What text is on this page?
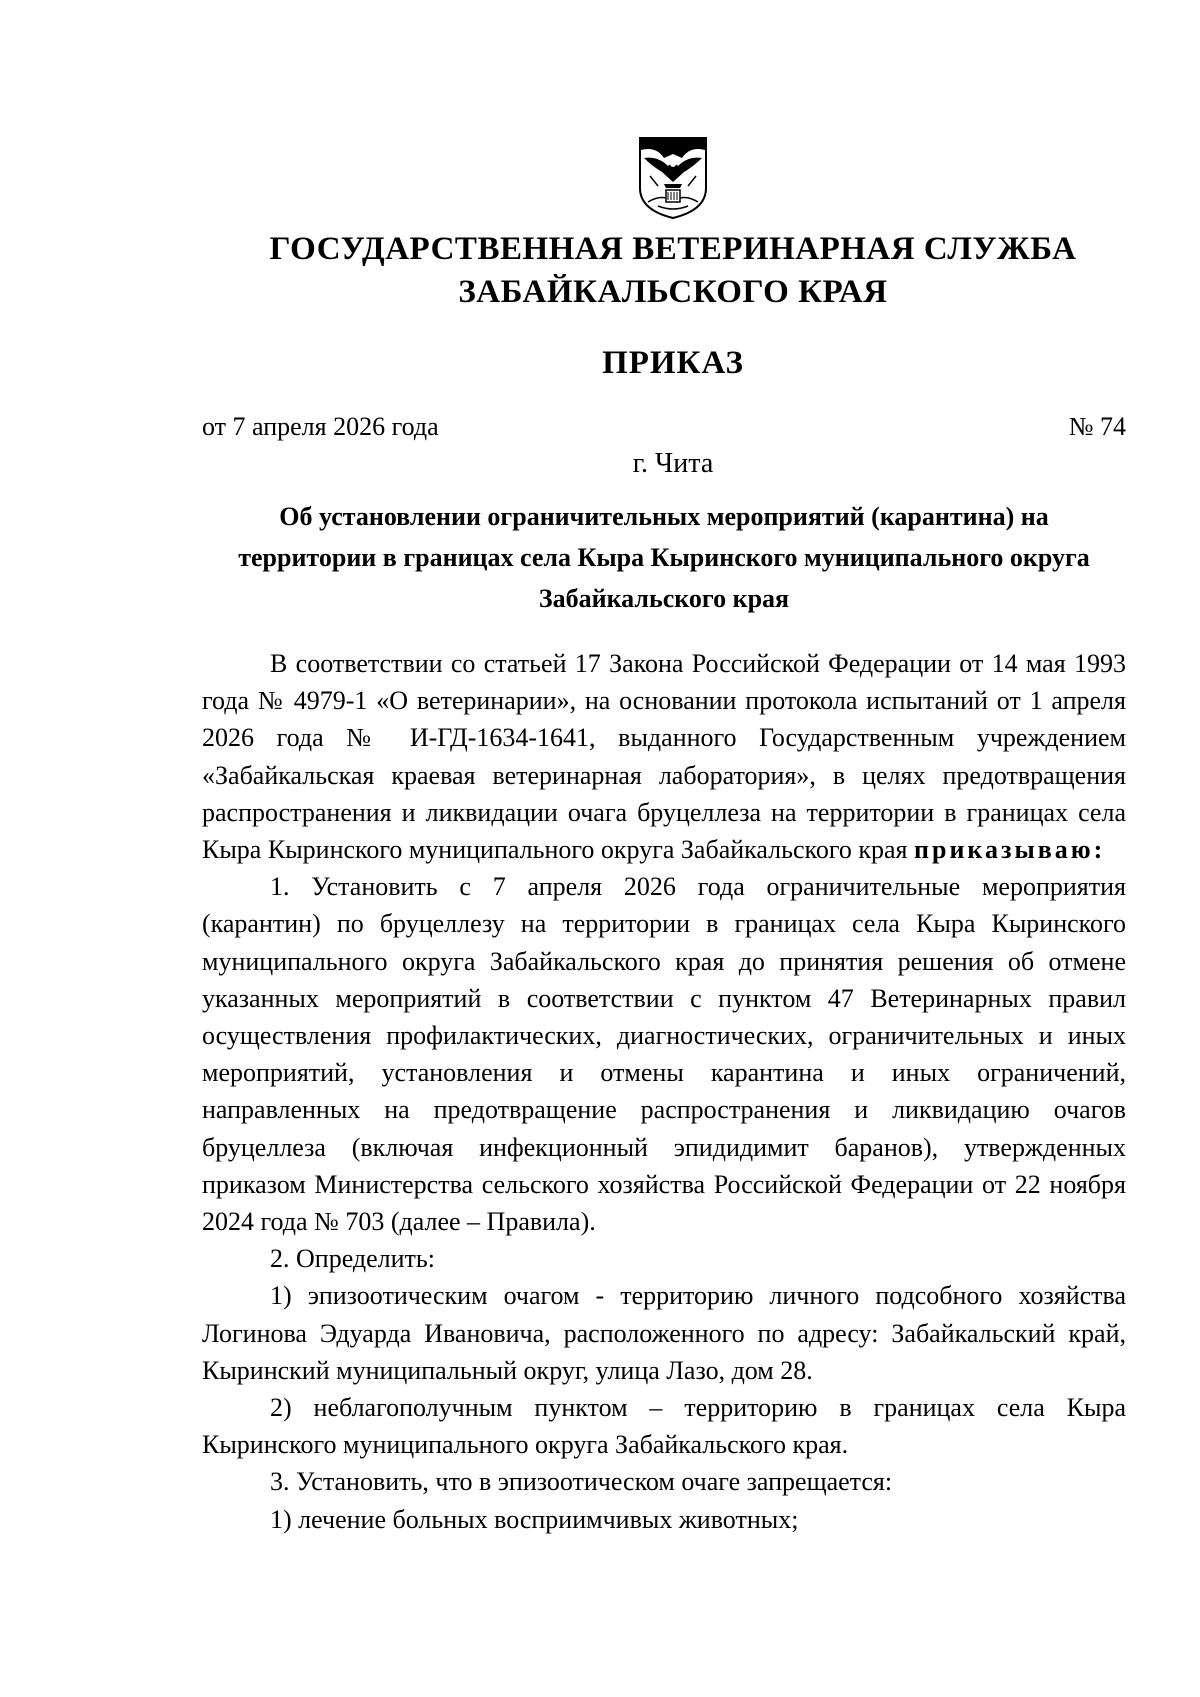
ГОСУДАРСТВЕННАЯ ВЕТЕРИНАРНАЯ СЛУЖБА
ЗАБАЙКАЛЬСКОГО КРАЯ
ПРИКАЗ
от 7 апреля 2026 года	№ 74
г. Чита
Об установлении ограничительных мероприятий (карантина) на
территории в границах села Кыра Кыринского муниципального округа
Забайкальского края

В соответствии со статьей 17 Закона Российской Федерации от 14 мая 1993 года № 4979-1 «О ветеринарии», на основании протокола испытаний от 1 апреля 2026 года № И-ГД-1634-1641, выданного Государственным учреждением «Забайкальская краевая ветеринарная лаборатория», в целях предотвращения распространения и ликвидации очага бруцеллеза на территории в границах села Кыра Кыринского муниципального округа Забайкальского края приказываю:

1. Установить с 7 апреля 2026 года ограничительные мероприятия (карантин) по бруцеллезу на территории в границах села Кыра Кыринского муниципального округа Забайкальского края до принятия решения об отмене указанных мероприятий в соответствии с пунктом 47 Ветеринарных правил осуществления профилактических, диагностических, ограничительных и иных мероприятий, установления и отмены карантина и иных ограничений, направленных на предотвращение распространения и ликвидацию очагов бруцеллеза (включая инфекционный эпидидимит баранов), утвержденных приказом Министерства сельского хозяйства Российской Федерации от 22 ноября 2024 года № 703 (далее – Правила).

2. Определить:

1) эпизоотическим очагом - территорию личного подсобного хозяйства Логинова Эдуарда Ивановича, расположенного по адресу: Забайкальский край, Кыринский муниципальный округ, улица Лазо, дом 28.

2) неблагополучным пунктом – территорию в границах села Кыра Кыринского муниципального округа Забайкальского края.

3. Установить, что в эпизоотическом очаге запрещается:

1) лечение больных восприимчивых животных;
